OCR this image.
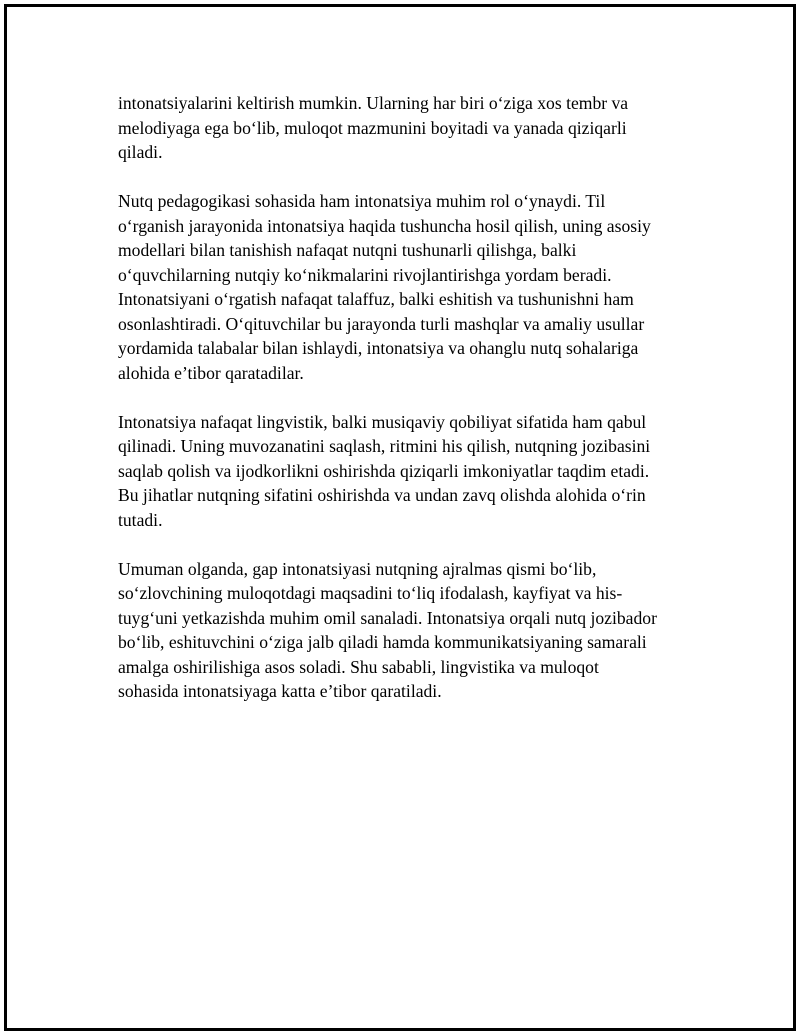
intonatsiyalarini keltirish mumkin. Ularning har biri o‘ziga xos tembr va
melodiyaga ega bo‘lib, muloqot mazmunini boyitadi va yanada qiziqarli
qiladi.

Nutq pedagogikasi sohasida ham intonatsiya muhim rol o‘ynaydi. Til
o‘rganish jarayonida intonatsiya haqida tushuncha hosil qilish, uning asosiy
modellari bilan tanishish nafaqat nutqni tushunarli qilishga, balki
o‘quvchilarning nutqiy ko‘nikmalarini rivojlantirishga yordam beradi.
Intonatsiyani o‘rgatish nafaqat talaffuz, balki eshitish va tushunishni ham
osonlashtiradi. O‘qituvchilar bu jarayonda turli mashqlar va amaliy usullar
yordamida talabalar bilan ishlaydi, intonatsiya va ohanglu nutq sohalariga
alohida e’tibor qaratadilar.

Intonatsiya nafaqat lingvistik, balki musiqaviy qobiliyat sifatida ham qabul
qilinadi. Uning muvozanatini saqlash, ritmini his qilish, nutqning jozibasini
saqlab qolish va ijodkorlikni oshirishda qiziqarli imkoniyatlar taqdim etadi.
Bu jihatlar nutqning sifatini oshirishda va undan zavq olishda alohida o‘rin
tutadi.

Umuman olganda, gap intonatsiyasi nutqning ajralmas qismi bo‘lib,
so‘zlovchining muloqotdagi maqsadini to‘liq ifodalash, kayfiyat va his-
tuyg‘uni yetkazishda muhim omil sanaladi. Intonatsiya orqali nutq jozibador
bo‘lib, eshituvchini o‘ziga jalb qiladi hamda kommunikatsiyaning samarali
amalga oshirilishiga asos soladi. Shu sababli, lingvistika va muloqot
sohasida intonatsiyaga katta e’tibor qaratiladi.
